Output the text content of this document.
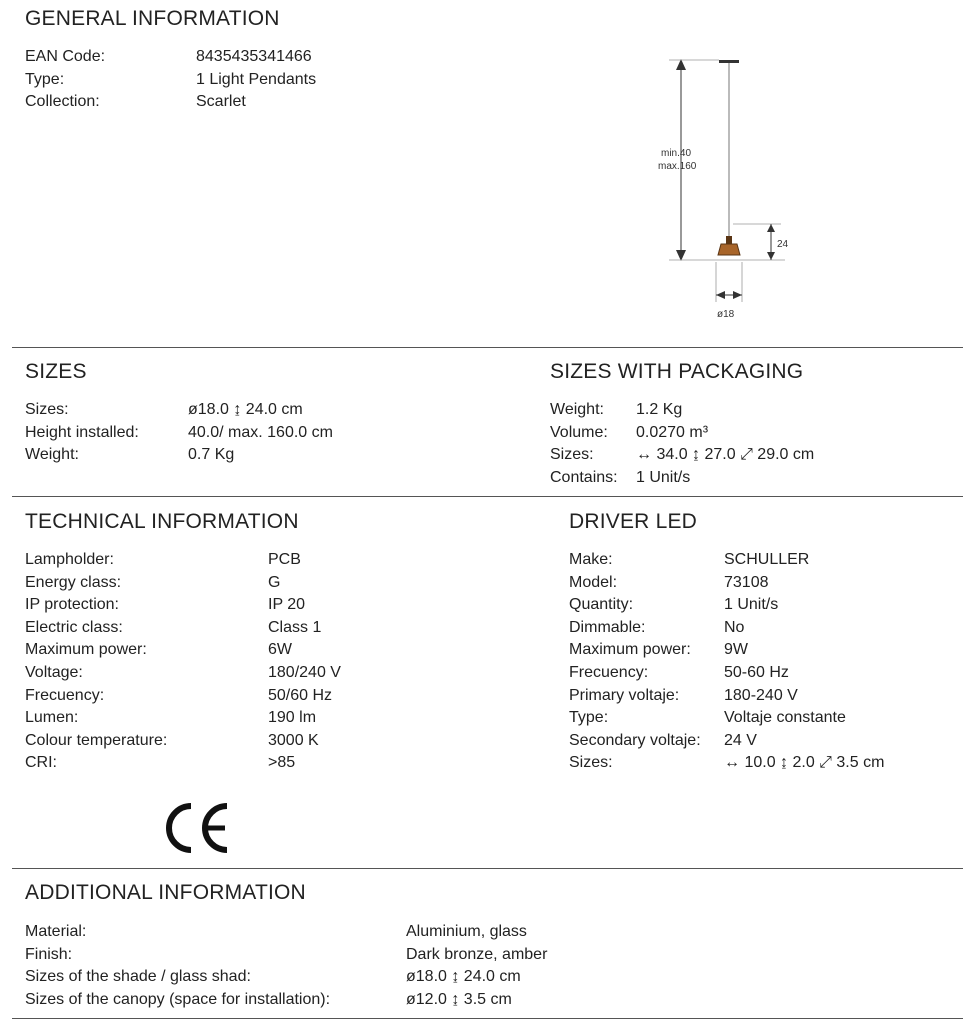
GENERAL INFORMATION
EAN Code:	8435435341466
Type:	1 Light Pendants
Collection:	Scarlet
min.40
max.160
24
ø18
SIZES
Sizes:	ø18.0 ↨ 24.0 cm
Height installed:	40.0/ max. 160.0 cm
Weight:	0.7 Kg
SIZES WITH PACKAGING
Weight:	1.2 Kg
Volume:	0.0270 m³
Sizes:	↔ 34.0 ↨ 27.0 ⤢ 29.0 cm
Contains:	1 Unit/s
TECHNICAL INFORMATION
Lampholder:	PCB
Energy class:	G
IP protection:	IP 20
Electric class:	Class 1
Maximum power:	6W
Voltage:	180/240 V
Frecuency:	50/60 Hz
Lumen:	190 lm
Colour temperature:	3000 K
CRI:	>85
DRIVER LED
Make:	SCHULLER
Model:	73108
Quantity:	1 Unit/s
Dimmable:	No
Maximum power:	9W
Frecuency:	50-60 Hz
Primary voltaje:	180-240 V
Type:	Voltaje constante
Secondary voltaje:	24 V
Sizes:	↔ 10.0 ↨ 2.0 ⤢ 3.5 cm
ADDITIONAL INFORMATION
Material:	Aluminium, glass
Finish:	Dark bronze, amber
Sizes of the shade / glass shad:	ø18.0 ↨ 24.0 cm
Sizes of the canopy (space for installation):	ø12.0 ↨ 3.5 cm
